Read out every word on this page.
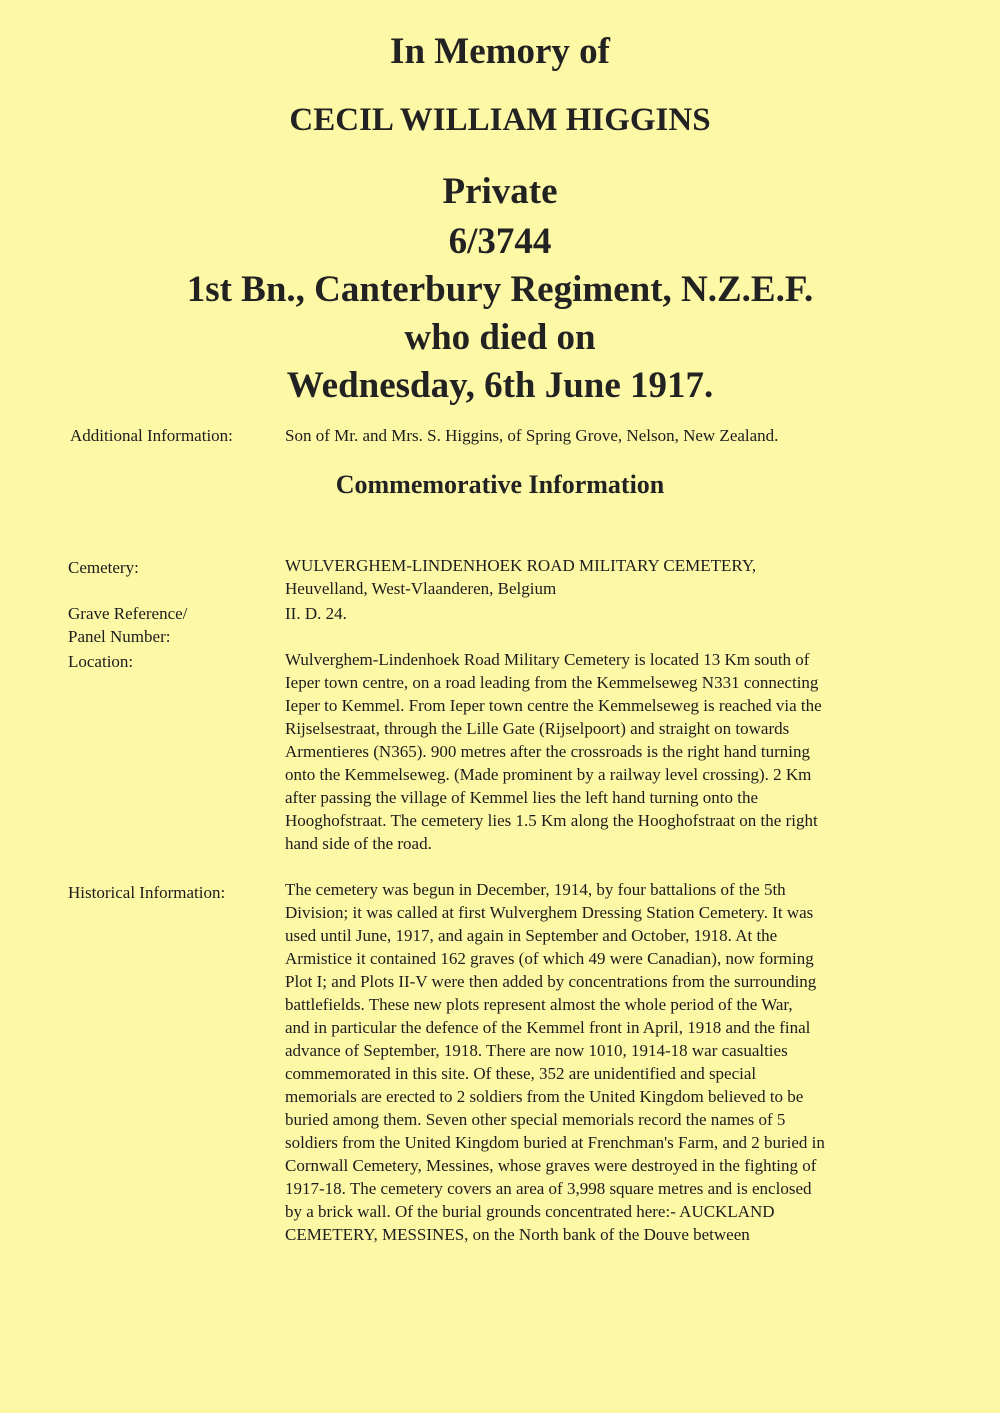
In Memory of
CECIL WILLIAM HIGGINS
Private
6/3744
1st Bn., Canterbury Regiment, N.Z.E.F.
who died on
Wednesday, 6th June 1917.
Additional Information:	Son of Mr. and Mrs. S. Higgins, of Spring Grove, Nelson, New Zealand.
Commemorative Information
Cemetery:	WULVERGHEM-LINDENHOEK ROAD MILITARY CEMETERY,
Heuvelland, West-Vlaanderen, Belgium
Grave Reference/
Panel Number:
II. D. 24.
Location:	Wulverghem-Lindenhoek Road Military Cemetery is located 13 Km south of
Ieper town centre, on a road leading from the Kemmelseweg N331 connecting
Ieper to Kemmel. From Ieper town centre the Kemmelseweg is reached via the
Rijselsestraat, through the Lille Gate (Rijselpoort) and straight on towards
Armentieres (N365). 900 metres after the crossroads is the right hand turning
onto the Kemmelseweg. (Made prominent by a railway level crossing). 2 Km
after passing the village of Kemmel lies the left hand turning onto the
Hooghofstraat. The cemetery lies 1.5 Km along the Hooghofstraat on the right
hand side of the road.
Historical Information:	The cemetery was begun in December, 1914, by four battalions of the 5th
Division; it was called at first Wulverghem Dressing Station Cemetery. It was
used until June, 1917, and again in September and October, 1918. At the
Armistice it contained 162 graves (of which 49 were Canadian), now forming
Plot I; and Plots II-V were then added by concentrations from the surrounding
battlefields. These new plots represent almost the whole period of the War,
and in particular the defence of the Kemmel front in April, 1918 and the final
advance of September, 1918. There are now 1010, 1914-18 war casualties
commemorated in this site. Of these, 352 are unidentified and special
memorials are erected to 2 soldiers from the United Kingdom believed to be
buried among them. Seven other special memorials record the names of 5
soldiers from the United Kingdom buried at Frenchman's Farm, and 2 buried in
Cornwall Cemetery, Messines, whose graves were destroyed in the fighting of
1917-18. The cemetery covers an area of 3,998 square metres and is enclosed
by a brick wall. Of the burial grounds concentrated here:- AUCKLAND
CEMETERY, MESSINES, on the North bank of the Douve between
